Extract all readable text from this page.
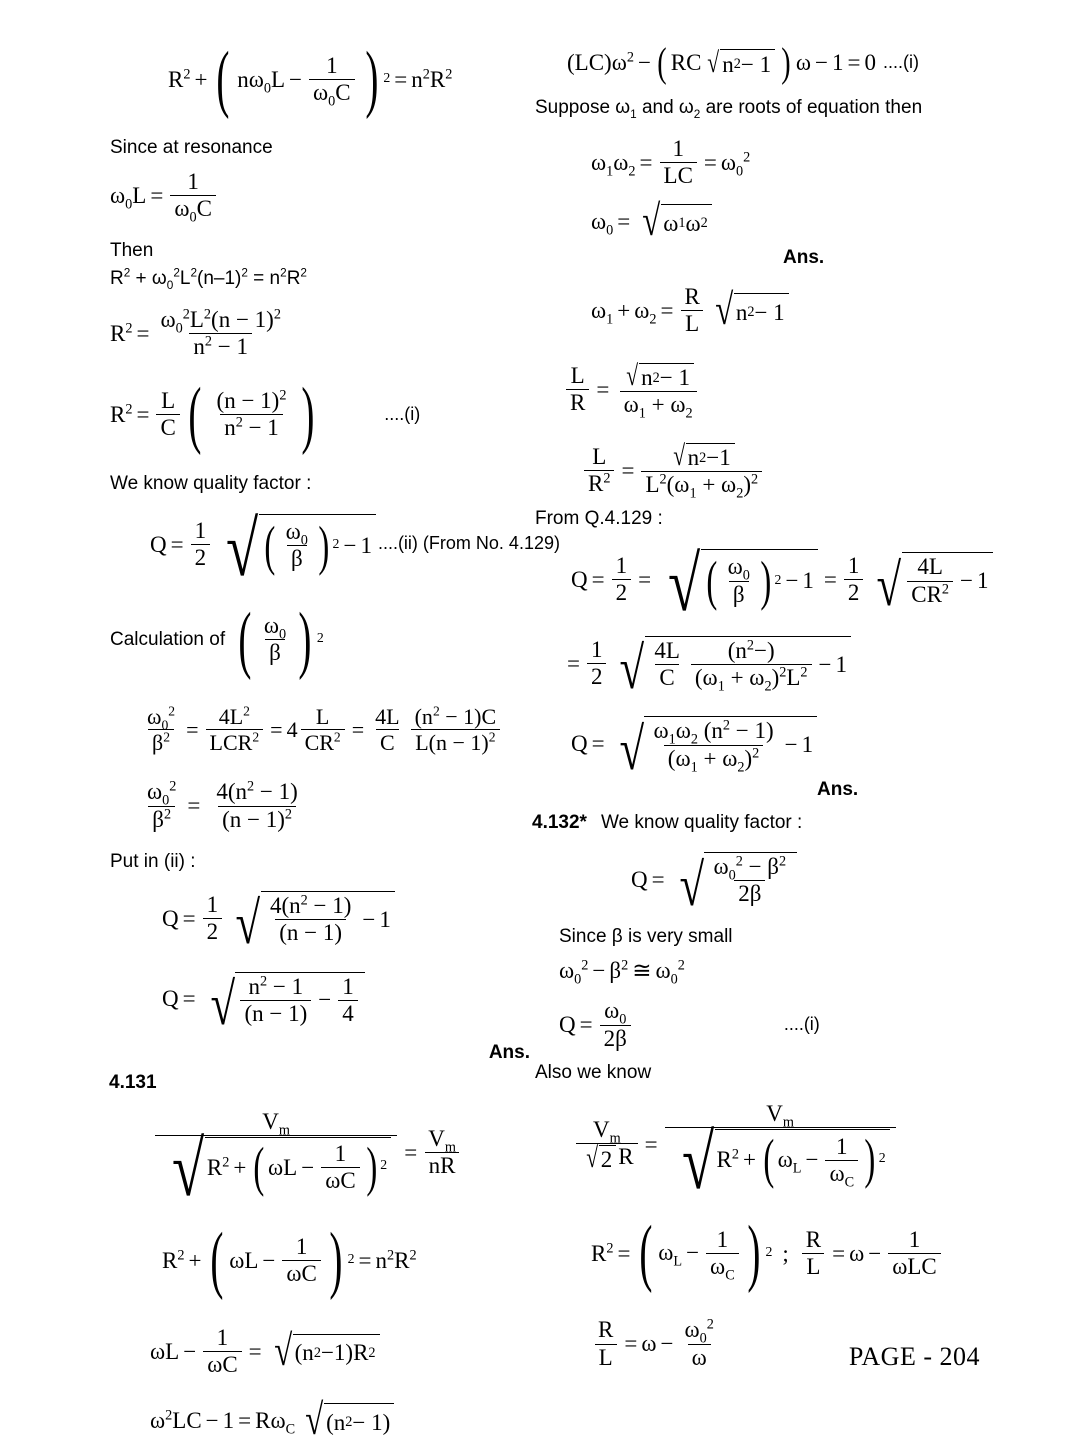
$R^2$ + ( $n\omega_0L - \frac{1}{\omega_0C}$ ) $2 = n^2R^2$
Since at resonance
$\omega_0L = \frac{1}{\omega_0C}$
Then
$R^2 + \omega_0^2L^2(n-1)^2 = n^2R^2$
$R^2 = \frac{\omega_0^2L^2(n - 1)^2}{n^2 - 1}$
$R^2 = \frac{L}{C}$ ( $\frac{(n - 1)^2}{n^2 - 1}$ )	....(i)
We know quality factor :
$Q = \frac{1}{2}$ √ ( $\frac{\omega_0}{\beta}$ ) 2 − 1 ....(ii) (From No. 4.129)
Calculation of ( $\frac{\omega_0}{\beta}$ ) 2
$\frac{\omega_0^2}{\beta^2} = \frac{4L^2}{LCR^2} = 4 \frac{L}{CR^2} = \frac{4L}{C} \frac{(n^2 - 1)C}{L(n - 1)^2}$
$\frac{\omega_0^2}{\beta^2} = \frac{4(n^2 - 1)}{(n - 1)^2}$
Put in (ii) :
$Q = \frac{1}{2}$ √ $\frac{4(n^2 - 1)}{(n - 1)} - 1$
Q = √ $\frac{n^2 - 1}{(n - 1)} - \frac{1}{4}$
Ans.
4.131
$V_m$
√ $R^2$ + ( $\omega L - \frac{1}{\omega C}$ ) $2 = \frac{V_m}{nR}$
$R^2$ + ( $\omega L - \frac{1}{\omega C}$ ) $2 = n^2R^2$
$\omega L - \frac{1}{\omega C}$ = √ (n 2 −1)R 2
$\omega^2LC - 1 = R\omega_C$ √ (n 2 − 1)
$(LC)\omega^2$ − ( RC √ n 2 − 1 ) ω − 1 = 0 ....(i)
Suppose $\omega_1$ and $\omega_2$ are roots of equation then
$\omega_1\omega_2 = \frac{1}{LC} = \omega_0^2$
$\omega_0$ = √ ω 1 ω 2
Ans.
$\omega_1 + \omega_2 = \frac{R}{L}$ √ n 2 − 1
$\frac{L}{R} = \frac{√ n 2 - 1}{\omega_1 + \omega_2}$
$\frac{L}{R^2} = \frac{√ n 2 -1}{L^2(\omega_1 + \omega_2)^2}$
From Q.4.129 :
$Q = \frac{1}{2}$ = √ ( $\frac{\omega_0}{\beta}$ ) $2 - 1 = \frac{1}{2}$ √ $\frac{4L}{CR^2} - 1$
= $\frac{1}{2}$ √ $\frac{4L}{C} \frac{(n^2-)}{(\omega_1 + \omega_2)^2L^2} - 1$
Q = √ $\frac{\omega_1\omega_2 (n^2 - 1)}{(\omega_1 + \omega_2)^2} - 1$
Ans.
4.132* We know quality factor :
Q = √ $\frac{\omega_0^2 - \beta^2}{2\beta}$
Since β is very small
$\omega_0^2 - \beta^2$ ≅ $\omega_0^2$
$Q = \frac{\omega_0}{2\beta}$	....(i)
Also we know
$\frac{V_m}{√ 2 R}$ =
$V_m$
√ $R^2$ + ( $\omega_L - \frac{1}{\omega_C}$ ) 2
$R^2$ = ( $\omega_L - \frac{1}{\omega_C}$ ) 2 ; $\frac{R}{L} = \omega - \frac{1}{\text{ωLC}}$
$\frac{R}{L} = \omega - \frac{\omega_0^2}{\omega}$	PAGE - 204
